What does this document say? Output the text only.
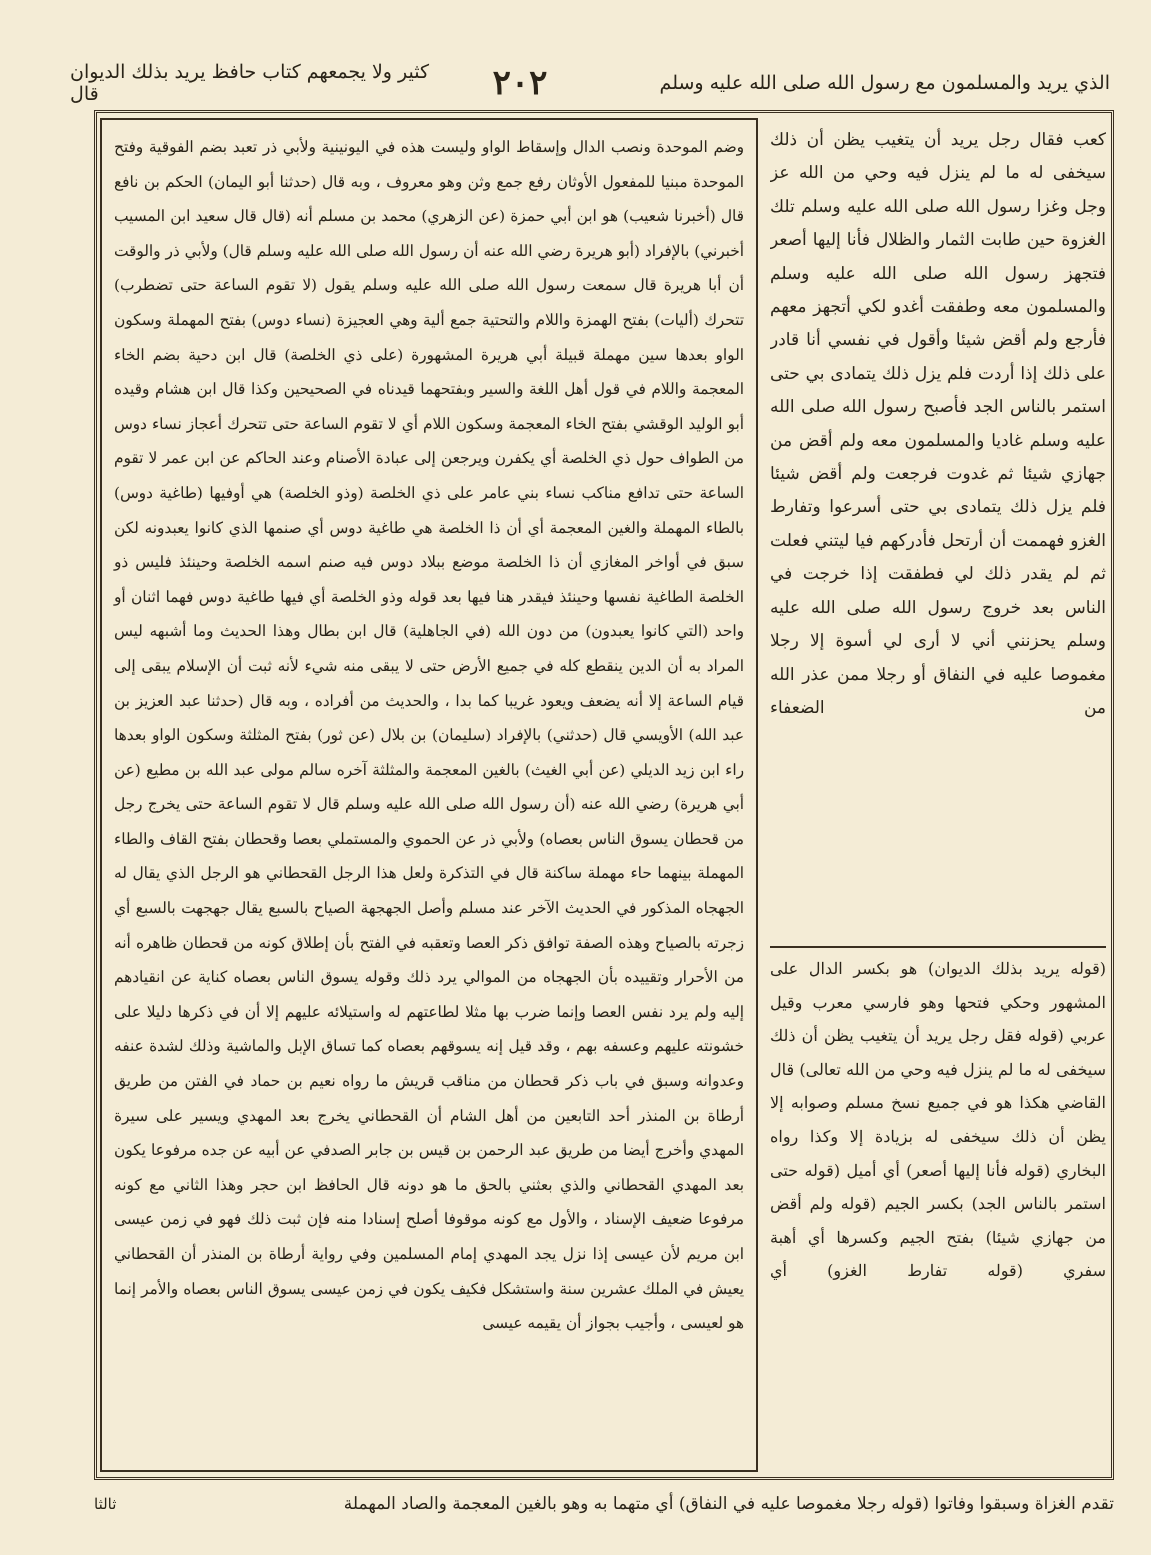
الذي يريد والمسلمون مع رسول الله صلى الله عليه وسلم
٢٠٢
كثير ولا يجمعهم كتاب حافظ يريد بذلك الديوان قال

وضم الموحدة ونصب الدال وإسقاط الواو وليست هذه في اليونينية ولأبي ذر تعبد بضم الفوقية وفتح الموحدة مبنيا للمفعول الأوثان رفع جمع وثن وهو معروف ، وبه قال (حدثنا أبو اليمان) الحكم بن نافع قال (أخبرنا شعيب) هو ابن أبي حمزة (عن الزهري) محمد بن مسلم أنه (قال قال سعيد ابن المسيب أخبرني) بالإفراد (أبو هريرة رضي الله عنه أن رسول الله صلى الله عليه وسلم قال) ولأبي ذر والوقت أن أبا هريرة قال سمعت رسول الله صلى الله عليه وسلم يقول (لا تقوم الساعة حتى تضطرب) تتحرك (أليات) بفتح الهمزة واللام والتحتية جمع ألية وهي العجيزة (نساء دوس) بفتح المهملة وسكون الواو بعدها سين مهملة قبيلة أبي هريرة المشهورة (على ذي الخلصة) قال ابن دحية بضم الخاء المعجمة واللام في قول أهل اللغة والسير وبفتحهما قيدناه في الصحيحين وكذا قال ابن هشام وقيده أبو الوليد الوقشي بفتح الخاء المعجمة وسكون اللام أي لا تقوم الساعة حتى تتحرك أعجاز نساء دوس من الطواف حول ذي الخلصة أي يكفرن ويرجعن إلى عبادة الأصنام وعند الحاكم عن ابن عمر لا تقوم الساعة حتى تدافع مناكب نساء بني عامر على ذي الخلصة (وذو الخلصة) هي أوفيها (طاغية دوس) بالطاء المهملة والغين المعجمة أي أن ذا الخلصة هي طاغية دوس أي صنمها الذي كانوا يعبدونه لكن سبق في أواخر المغازي أن ذا الخلصة موضع ببلاد دوس فيه صنم اسمه الخلصة وحينئذ فليس ذو الخلصة الطاغية نفسها وحينئذ فيقدر هنا فيها بعد قوله وذو الخلصة أي فيها طاغية دوس فهما اثنان أو واحد (التي كانوا يعبدون) من دون الله (في الجاهلية) قال ابن بطال وهذا الحديث وما أشبهه ليس المراد به أن الدين ينقطع كله في جميع الأرض حتى لا يبقى منه شيء لأنه ثبت أن الإسلام يبقى إلى قيام الساعة إلا أنه يضعف ويعود غريبا كما بدا ، والحديث من أفراده ، وبه قال (حدثنا عبد العزيز بن عبد الله) الأويسي قال (حدثني) بالإفراد (سليمان) بن بلال (عن ثور) بفتح المثلثة وسكون الواو بعدها راء ابن زيد الديلي (عن أبي الغيث) بالغين المعجمة والمثلثة آخره سالم مولى عبد الله بن مطيع (عن أبي هريرة) رضي الله عنه (أن رسول الله صلى الله عليه وسلم قال لا تقوم الساعة حتى يخرج رجل من قحطان يسوق الناس بعصاه) ولأبي ذر عن الحموي والمستملي بعصا وقحطان بفتح القاف والطاء المهملة بينهما حاء مهملة ساكنة قال في التذكرة ولعل هذا الرجل القحطاني هو الرجل الذي يقال له الجهجاه المذكور في الحديث الآخر عند مسلم وأصل الجهجهة الصياح بالسبع يقال جهجهت بالسبع أي زجرته بالصياح وهذه الصفة توافق ذكر العصا وتعقبه في الفتح بأن إطلاق كونه من قحطان ظاهره أنه من الأحرار وتقييده بأن الجهجاه من الموالي يرد ذلك وقوله يسوق الناس بعصاه كناية عن انقيادهم إليه ولم يرد نفس العصا وإنما ضرب بها مثلا لطاعتهم له واستيلائه عليهم إلا أن في ذكرها دليلا على خشونته عليهم وعسفه بهم ، وقد قيل إنه يسوقهم بعصاه كما تساق الإبل والماشية وذلك لشدة عنفه وعدوانه وسبق في باب ذكر قحطان من مناقب قريش ما رواه نعيم بن حماد في الفتن من طريق أرطاة بن المنذر أحد التابعين من أهل الشام أن القحطاني يخرج بعد المهدي ويسير على سيرة المهدي وأخرج أيضا من طريق عبد الرحمن بن قيس بن جابر الصدفي عن أبيه عن جده مرفوعا يكون بعد المهدي القحطاني والذي بعثني بالحق ما هو دونه قال الحافظ ابن حجر وهذا الثاني مع كونه مرفوعا ضعيف الإسناد ، والأول مع كونه موقوفا أصلح إسنادا منه فإن ثبت ذلك فهو في زمن عيسى ابن مريم لأن عيسى إذا نزل يجد المهدي إمام المسلمين وفي رواية أرطاة بن المنذر أن القحطاني يعيش في الملك عشرين سنة واستشكل فكيف يكون في زمن عيسى يسوق الناس بعصاه والأمر إنما هو لعيسى ، وأجيب بجواز أن يقيمه عيسى

كعب فقال رجل يريد أن يتغيب يظن أن ذلك سيخفى له ما لم ينزل فيه وحي من الله عز وجل وغزا رسول الله صلى الله عليه وسلم تلك الغزوة حين طابت الثمار والظلال فأنا إليها أصعر فتجهز رسول الله صلى الله عليه وسلم والمسلمون معه وطفقت أغدو لكي أتجهز معهم فأرجع ولم أقض شيئا وأقول في نفسي أنا قادر على ذلك إذا أردت فلم يزل ذلك يتمادى بي حتى استمر بالناس الجد فأصبح رسول الله صلى الله عليه وسلم غاديا والمسلمون معه ولم أقض من جهازي شيئا ثم غدوت فرجعت ولم أقض شيئا فلم يزل ذلك يتمادى بي حتى أسرعوا وتفارط الغزو فهممت أن أرتحل فأدركهم فيا ليتني فعلت ثم لم يقدر ذلك لي فطفقت إذا خرجت في الناس بعد خروج رسول الله صلى الله عليه وسلم يحزنني أني لا أرى لي أسوة إلا رجلا مغموصا عليه في النفاق أو رجلا ممن عذر الله من الضعفاء

(قوله يريد بذلك الديوان) هو بكسر الدال على المشهور وحكي فتحها وهو فارسي معرب وقيل عربي (قوله فقل رجل يريد أن يتغيب يظن أن ذلك سيخفى له ما لم ينزل فيه وحي من الله تعالى) قال القاضي هكذا هو في جميع نسخ مسلم وصوابه إلا يظن أن ذلك سيخفى له بزيادة إلا وكذا رواه البخاري (قوله فأنا إليها أصعر) أي أميل (قوله حتى استمر بالناس الجد) بكسر الجيم (قوله ولم أقض من جهازي شيئا) بفتح الجيم وكسرها أي أهبة سفري (قوله تفارط الغزو) أي

تقدم الغزاة وسبقوا وفاتوا (قوله رجلا مغموصا عليه في النفاق) أي متهما به وهو بالغين المعجمة والصاد المهملة
ثالثا
